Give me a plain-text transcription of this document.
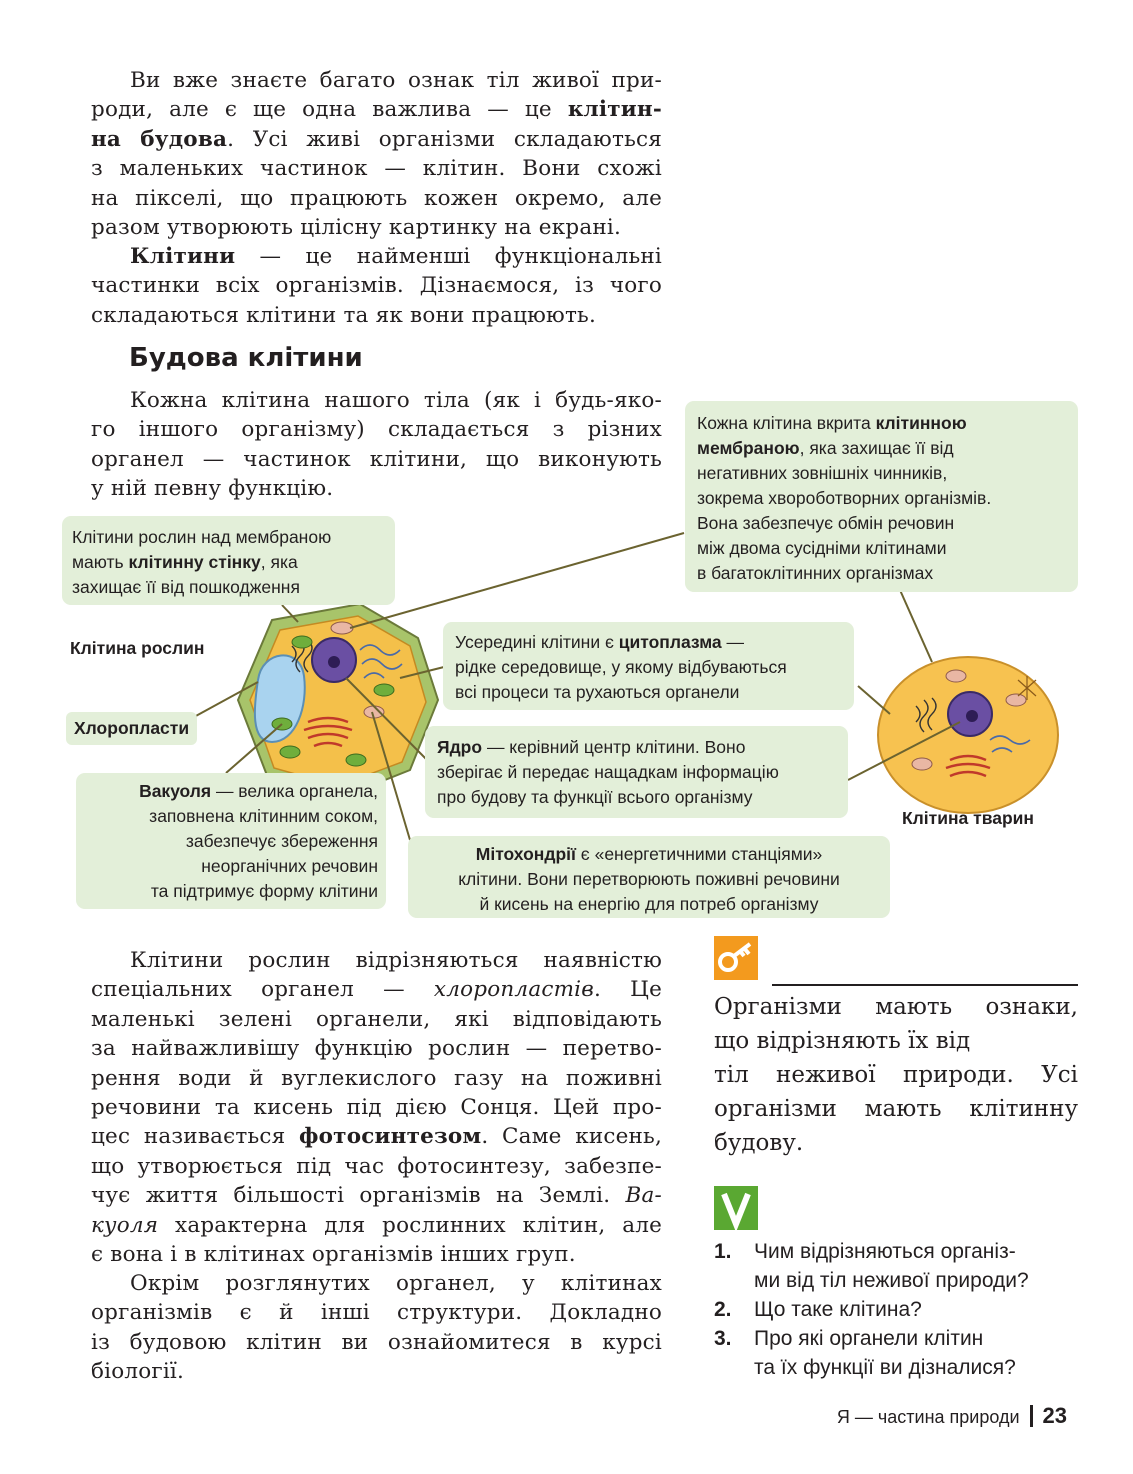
Ви вже знаєте багато ознак тіл живої при-
роди, але є ще одна важлива — це клітин-
на будова. Усі живі організми складаються
з маленьких частинок — клітин. Вони схожі
на пікселі, що працюють кожен окремо, але
разом утворюють цілісну картинку на екрані.
Клітини — це найменші функціональні
частинки всіх організмів. Дізнаємося, із чого
складаються клітини та як вони працюють.
Будова клітини
Кожна клітина нашого тіла (як і будь-яко-
го іншого організму) складається з різних
органел — частинок клітини, що виконують
у ній певну функцію.
Кожна клітина вкрита клітинною
мембраною, яка захищає її від
негативних зовнішніх чинників,
зокрема хвороботворних організмів.
Вона забезпечує обмін речовин
між двома сусідніми клітинами
в багатоклітинних організмах
Клітини рослин над мембраною
мають клітинну стінку, яка
захищає її від пошкодження
Клітина рослин
Хлоропласти
Усередині клітини є цитоплазма —
рідке середовище, у якому відбуваються
всі процеси та рухаються органели
Ядро — керівний центр клітини. Воно
зберігає й передає нащадкам інформацію
про будову та функції всього організму
Вакуоля — велика органела,
заповнена клітинним соком,
забезпечує збереження
неорганічних речовин
та підтримує форму клітини
Мітохондрії є «енергетичними станціями»
клітини. Вони перетворюють поживні речовини
й кисень на енергію для потреб організму
Клітина тварин
Клітини рослин відрізняються наявністю
спеціальних органел — хлоропластів. Це
маленькі зелені органели, які відповідають
за найважливішу функцію рослин — перетво-
рення води й вуглекислого газу на поживні
речовини та кисень під дією Сонця. Цей про-
цес називається фотосинтезом. Саме кисень,
що утворюється під час фотосинтезу, забезпе-
чує життя більшості організмів на Землі. Ва-
куоля характерна для рослинних клітин, але
є вона і в клітинах організмів інших груп.
Окрім розглянутих органел, у клітинах
організмів є й інші структури. Докладно
із будовою клітин ви ознайомитеся в курсі
біології.
Організми мають ознаки,
що відрізняють їх від
тіл неживої природи. Усі
організми мають клітинну
будову.
1. Чим відрізняються організ-
ми від тіл неживої природи?
2. Що таке клітина?
3. Про які органели клітин
та їх функції ви дізналися?
Я — частина природи 23
